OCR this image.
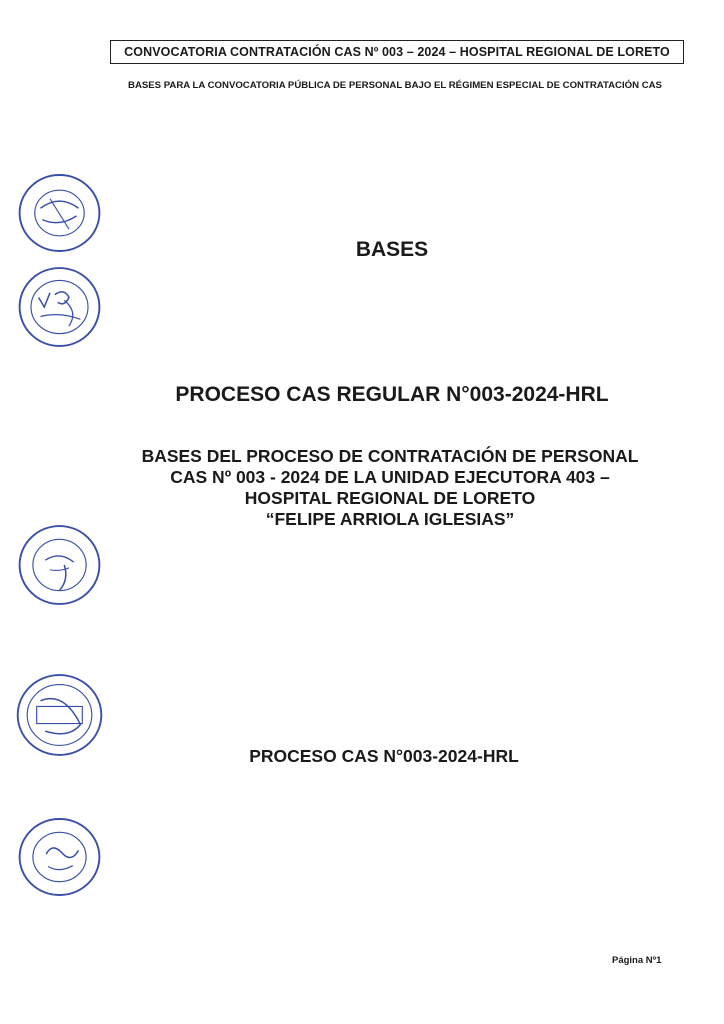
CONVOCATORIA CONTRATACIÓN CAS Nº 003 – 2024 – HOSPITAL REGIONAL DE LORETO
BASES PARA LA CONVOCATORIA PÚBLICA DE PERSONAL BAJO EL RÉGIMEN ESPECIAL DE CONTRATACIÓN CAS
BASES
PROCESO CAS REGULAR N°003-2024-HRL
BASES DEL PROCESO DE CONTRATACIÓN DE PERSONAL
CAS Nº 003 - 2024 DE LA UNIDAD EJECUTORA 403 –
HOSPITAL REGIONAL DE LORETO
“FELIPE ARRIOLA IGLESIAS”
PROCESO CAS N°003-2024-HRL
Página Nº1
